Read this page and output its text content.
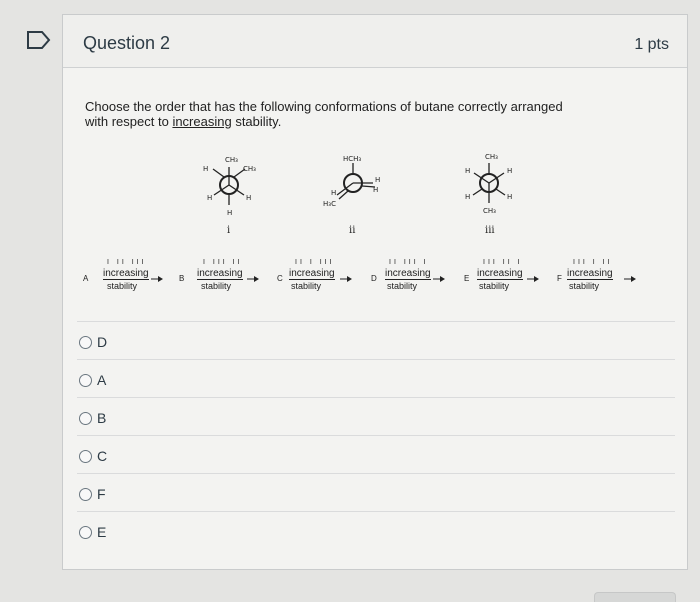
Question 2	1 pts
Choose the order that has the following conformations of butane correctly arranged with respect to increasing stability.
CH₃
H	CH₃
H	H
H
i
HCH₃
H
H₃C
H
H
ii
CH₃
H	H
H	H
CH₃
iii
A
I II III
increasing
stability
B
I III II
increasing
stability
C
II I III
increasing
stability
D
II III I
increasing
stability
E
III II I
increasing
stability
F
III I II
increasing
stability
D
A
B
C
F
E
